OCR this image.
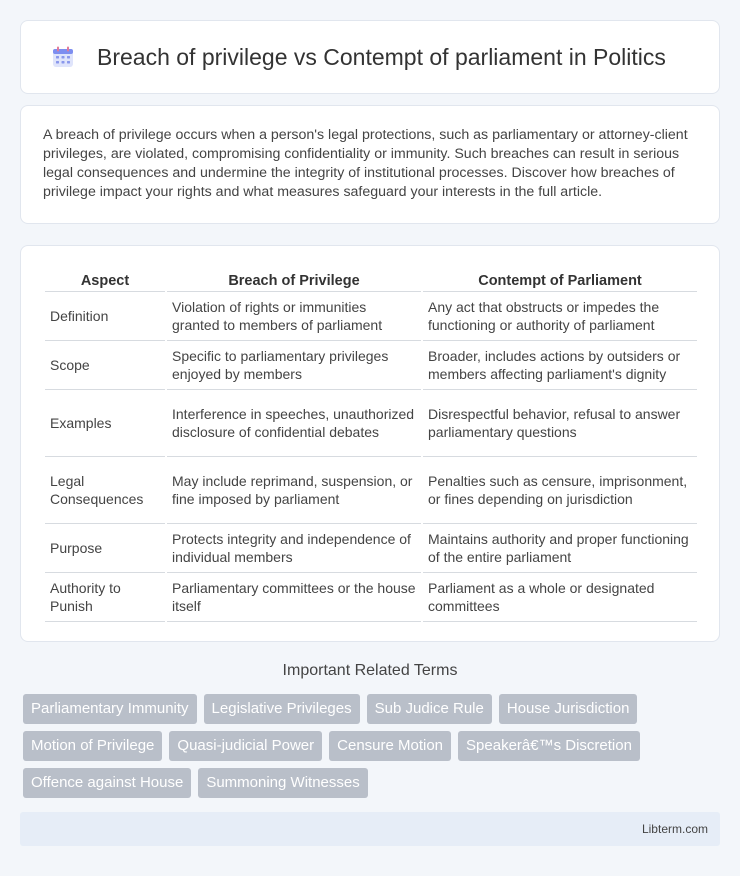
Breach of privilege vs Contempt of parliament in Politics

A breach of privilege occurs when a person's legal protections, such as parliamentary or attorney-client privileges, are violated, compromising confidentiality or immunity. Such breaches can result in serious legal consequences and undermine the integrity of institutional processes. Discover how breaches of privilege impact your rights and what measures safeguard your interests in the full article.

Aspect	Breach of Privilege	Contempt of Parliament
Definition	Violation of rights or immunities granted to members of parliament	Any act that obstructs or impedes the functioning or authority of parliament
Scope	Specific to parliamentary privileges enjoyed by members	Broader, includes actions by outsiders or members affecting parliament's dignity
Examples	Interference in speeches, unauthorized disclosure of confidential debates	Disrespectful behavior, refusal to answer parliamentary questions
Legal Consequences	May include reprimand, suspension, or fine imposed by parliament	Penalties such as censure, imprisonment, or fines depending on jurisdiction
Purpose	Protects integrity and independence of individual members	Maintains authority and proper functioning of the entire parliament
Authority to Punish	Parliamentary committees or the house itself	Parliament as a whole or designated committees
Important Related Terms
Parliamentary Immunity	Legislative Privileges	Sub Judice Rule	House Jurisdiction
Motion of Privilege	Quasi-judicial Power	Censure Motion	Speakerâ€™s Discretion
Offence against House	Summoning Witnesses
Libterm.com
